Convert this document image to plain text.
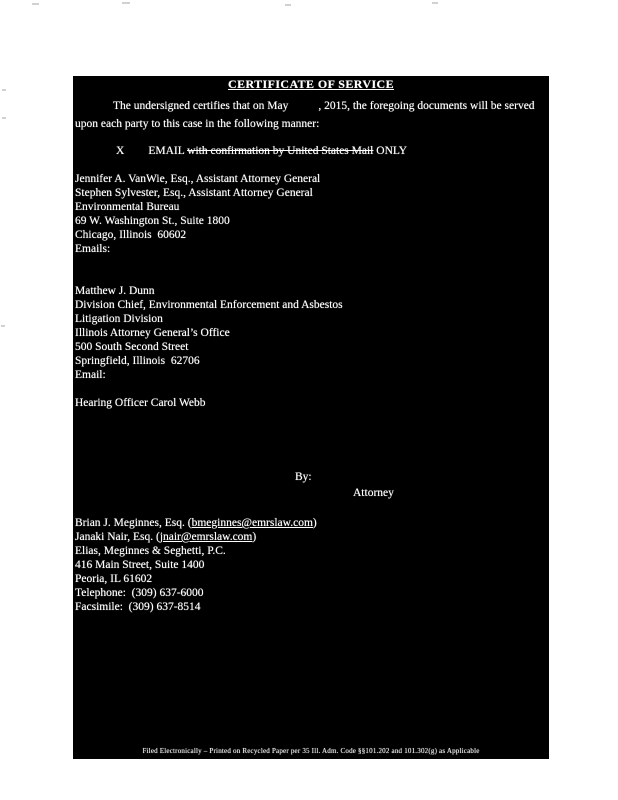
CERTIFICATE OF SERVICE
The undersigned certifies that on May	, 2015, the foregoing documents will be served
upon each party to this case in the following manner:
X EMAIL with confirmation by United States Mail ONLY
Jennifer A. VanWie, Esq., Assistant Attorney General
Stephen Sylvester, Esq., Assistant Attorney General
Environmental Bureau
69 W. Washington St., Suite 1800
Chicago, Illinois  60602
Emails:
Matthew J. Dunn
Division Chief, Environmental Enforcement and Asbestos
Litigation Division
Illinois Attorney General’s Office
500 South Second Street
Springfield, Illinois  62706
Email:
Hearing Officer Carol Webb
By:
Attorney
Brian J. Meginnes, Esq. (bmeginnes@emrslaw.com)
Janaki Nair, Esq. (jnair@emrslaw.com)
Elias, Meginnes & Seghetti, P.C.
416 Main Street, Suite 1400
Peoria, IL 61602
Telephone:  (309) 637-6000
Facsimile:  (309) 637-8514
Filed Electronically – Printed on Recycled Paper per 35 Ill. Adm. Code §§101.202 and 101.302(g) as Applicable
